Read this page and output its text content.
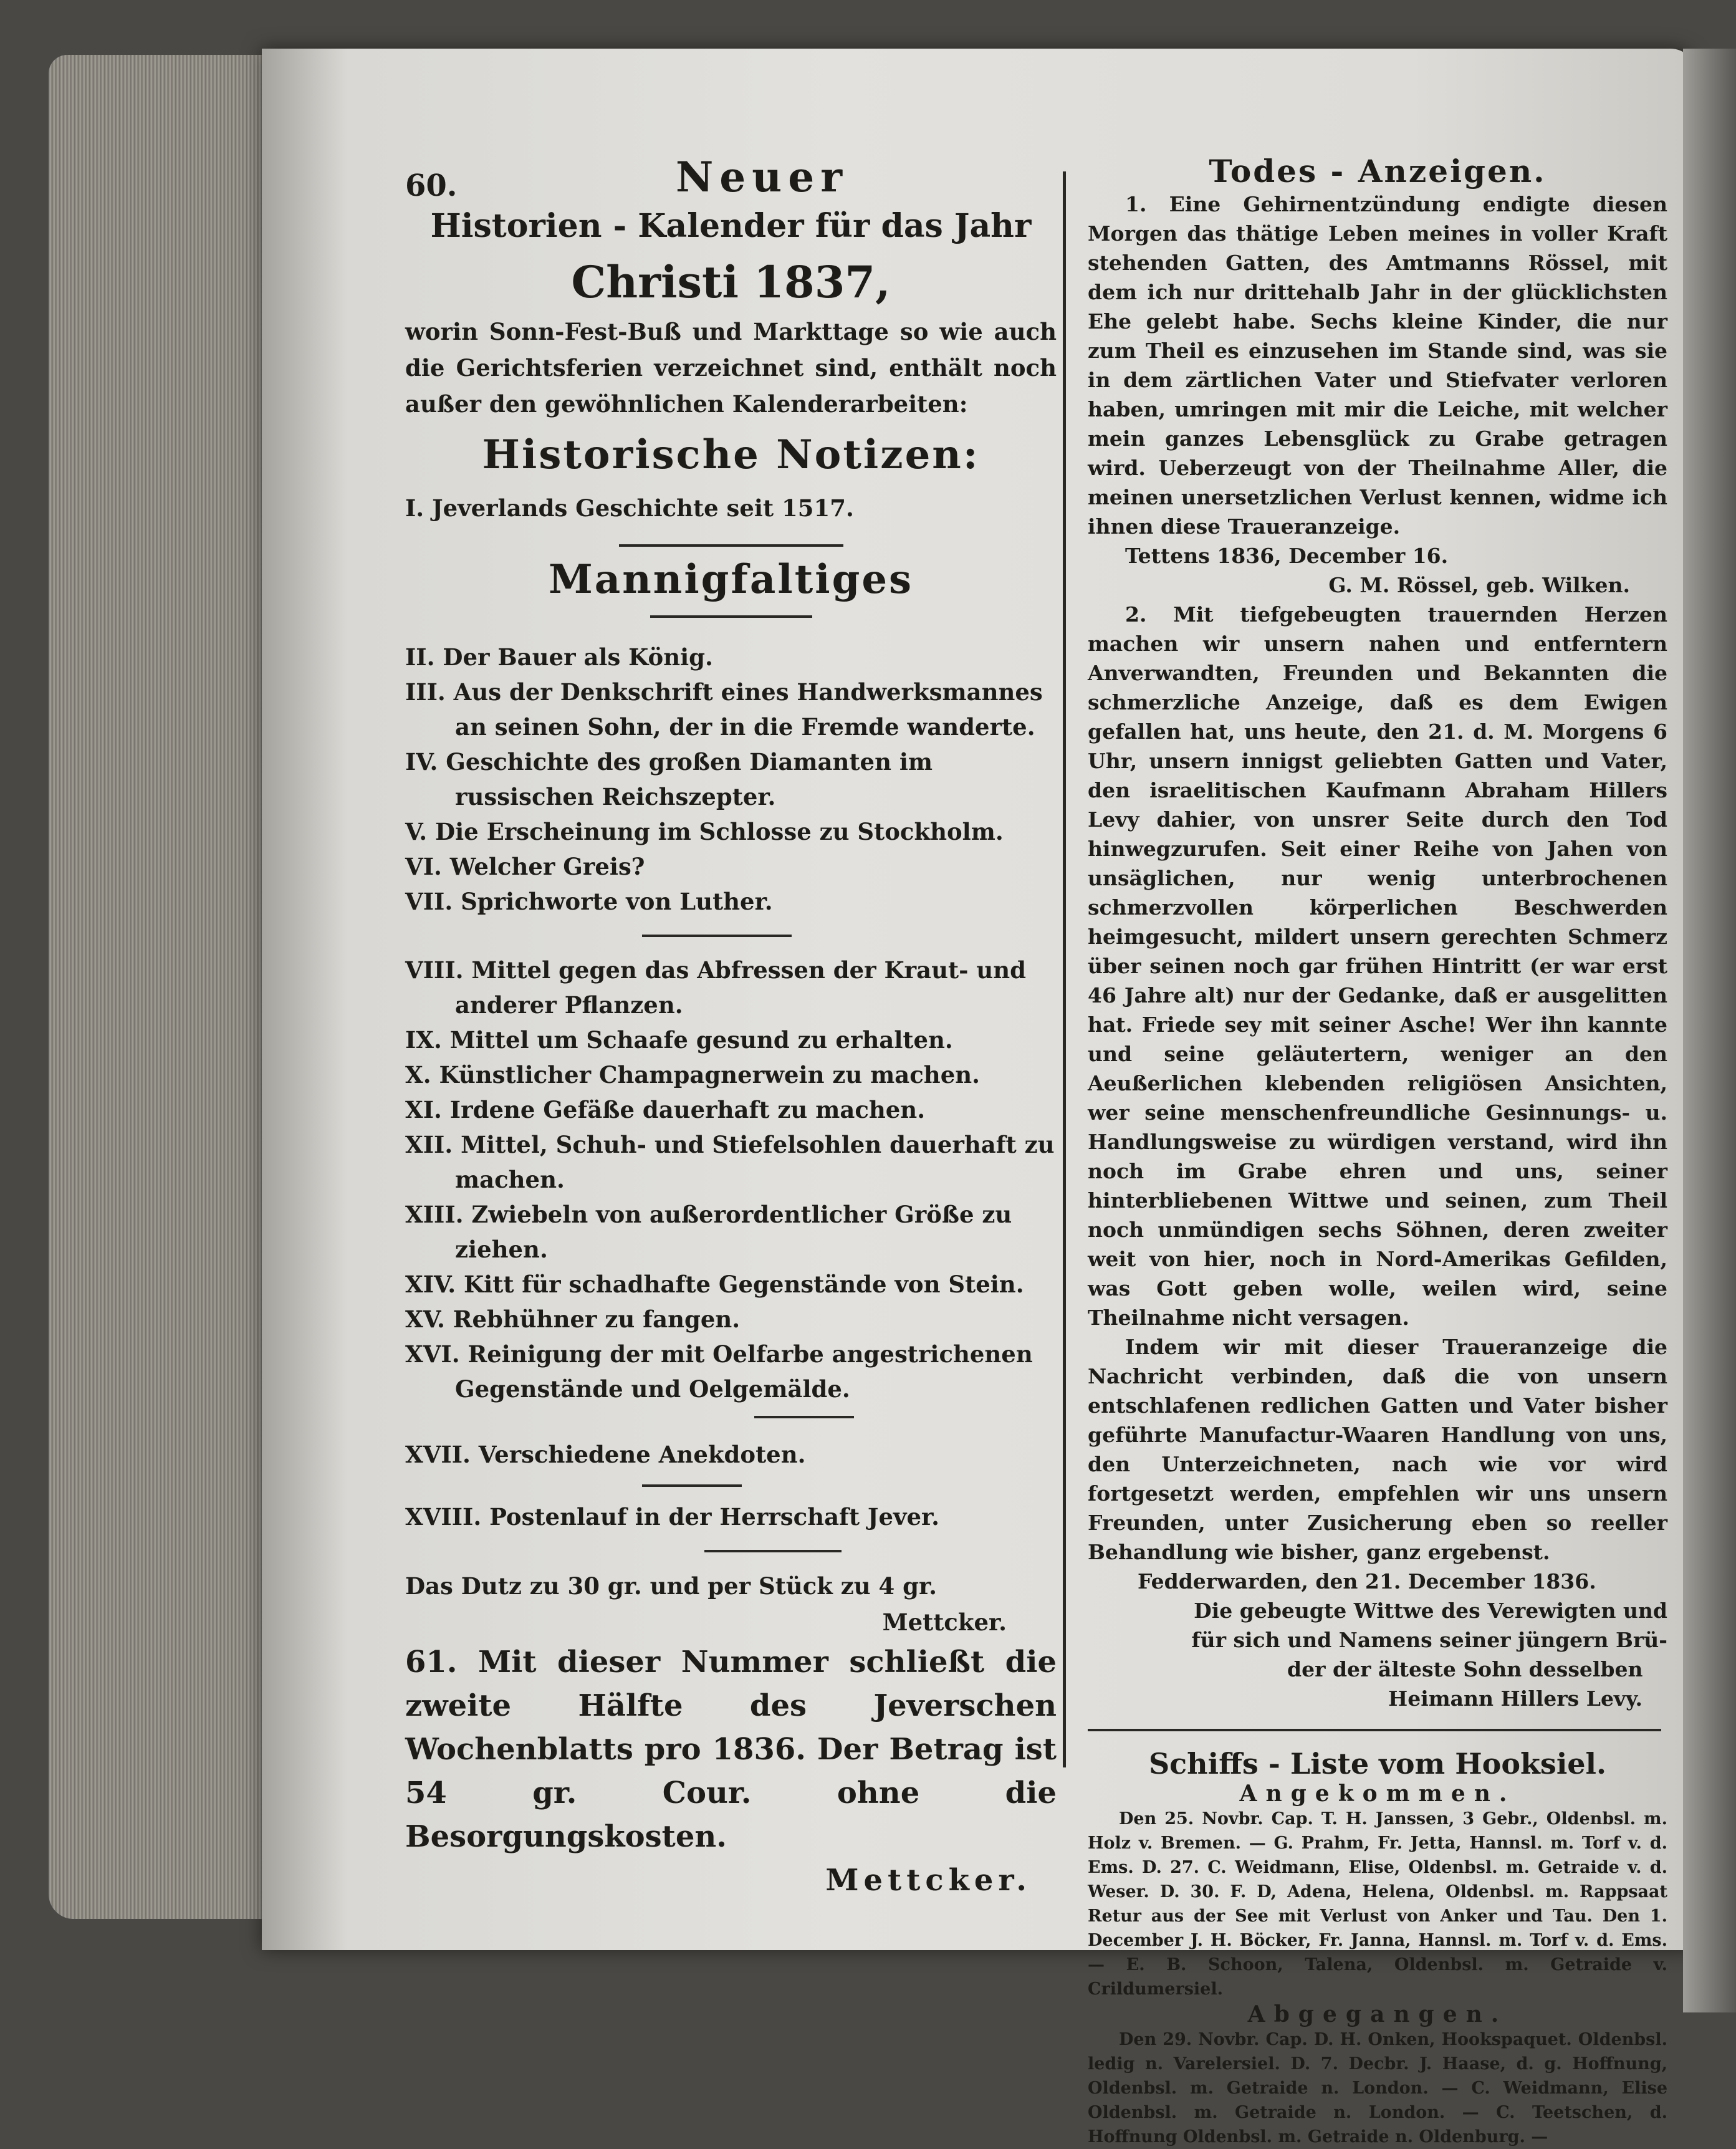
60.	Neuer
Historien - Kalender für das Jahr
Christi 1837,
worin Sonn-Fest-Buß und Markttage so wie auch die Gerichtsferien verzeichnet sind, enthält noch außer den gewöhnlichen Kalenderarbeiten:
Historische Notizen:
I. Jeverlands Geschichte seit 1517.
Mannigfaltiges
II. Der Bauer als König.
III. Aus der Denkschrift eines Handwerksmannes an seinen Sohn, der in die Fremde wanderte.
IV. Geschichte des großen Diamanten im russischen Reichszepter.
V. Die Erscheinung im Schlosse zu Stockholm.
VI. Welcher Greis?
VII. Sprichworte von Luther.
VIII. Mittel gegen das Abfressen der Kraut- und anderer Pflanzen.
IX. Mittel um Schaafe gesund zu erhalten.
X. Künstlicher Champagnerwein zu machen.
XI. Irdene Gefäße dauerhaft zu machen.
XII. Mittel, Schuh- und Stiefelsohlen dauerhaft zu machen.
XIII. Zwiebeln von außerordentlicher Größe zu ziehen.
XIV. Kitt für schadhafte Gegenstände von Stein.
XV. Rebhühner zu fangen.
XVI. Reinigung der mit Oelfarbe angestrichenen Gegenstände und Oelgemälde.
XVII. Verschiedene Anekdoten.
XVIII. Postenlauf in der Herrschaft Jever.
Das Dutz zu 30 gr. und per Stück zu 4 gr.
Mettcker.
61. Mit dieser Nummer schließt die zweite Hälfte des Jeverschen Wochenblatts pro 1836. Der Betrag ist 54 gr. Cour. ohne die Besorgungskosten.
Mettcker.
Todes - Anzeigen.
1. Eine Gehirnentzündung endigte diesen Morgen das thätige Leben meines in voller Kraft stehenden Gatten, des Amtmanns Rössel, mit dem ich nur drittehalb Jahr in der glücklichsten Ehe gelebt habe. Sechs kleine Kinder, die nur zum Theil es einzusehen im Stande sind, was sie in dem zärtlichen Vater und Stiefvater verloren haben, umringen mit mir die Leiche, mit welcher mein ganzes Lebensglück zu Grabe getragen wird. Ueberzeugt von der Theilnahme Aller, die meinen unersetzlichen Verlust kennen, widme ich ihnen diese Traueranzeige.
Tettens 1836, December 16.
G. M. Rössel, geb. Wilken.
2. Mit tiefgebeugten trauernden Herzen machen wir unsern nahen und entferntern Anverwandten, Freunden und Bekannten die schmerzliche Anzeige, daß es dem Ewigen gefallen hat, uns heute, den 21. d. M. Morgens 6 Uhr, unsern innigst geliebten Gatten und Vater, den israelitischen Kaufmann Abraham Hillers Levy dahier, von unsrer Seite durch den Tod hinwegzurufen. Seit einer Reihe von Jahen von unsäglichen, nur wenig unterbrochenen schmerzvollen körperlichen Beschwerden heimgesucht, mildert unsern gerechten Schmerz über seinen noch gar frühen Hintritt (er war erst 46 Jahre alt) nur der Gedanke, daß er ausgelitten hat. Friede sey mit seiner Asche! Wer ihn kannte und seine geläutertern, weniger an den Aeußerlichen klebenden religiösen Ansichten, wer seine menschenfreundliche Gesinnungs- u. Handlungsweise zu würdigen verstand, wird ihn noch im Grabe ehren und uns, seiner hinterbliebenen Wittwe und seinen, zum Theil noch unmündigen sechs Söhnen, deren zweiter weit von hier, noch in Nord-Amerikas Gefilden, was Gott geben wolle, weilen wird, seine Theilnahme nicht versagen.
Indem wir mit dieser Traueranzeige die Nachricht verbinden, daß die von unsern entschlafenen redlichen Gatten und Vater bisher geführte Manufactur-Waaren Handlung von uns, den Unterzeichneten, nach wie vor wird fortgesetzt werden, empfehlen wir uns unsern Freunden, unter Zusicherung eben so reeller Behandlung wie bisher, ganz ergebenst.
Fedderwarden, den 21. December 1836.
Die gebeugte Wittwe des Verewigten und
für sich und Namens seiner jüngern Brü-
der der älteste Sohn desselben
Heimann Hillers Levy.
Schiffs - Liste vom Hooksiel.
Angekommen.
Den 25. Novbr. Cap. T. H. Janssen, 3 Gebr., Oldenbsl. m. Holz v. Bremen. — G. Prahm, Fr. Jetta, Hannsl. m. Torf v. d. Ems. D. 27. C. Weidmann, Elise, Oldenbsl. m. Getraide v. d. Weser. D. 30. F. D, Adena, Helena, Oldenbsl. m. Rappsaat Retur aus der See mit Verlust von Anker und Tau. Den 1. December J. H. Böcker, Fr. Janna, Hannsl. m. Torf v. d. Ems. — E. B. Schoon, Talena, Oldenbsl. m. Getraide v. Crildumersiel.
Abgegangen.
Den 29. Novbr. Cap. D. H. Onken, Hookspaquet. Oldenbsl. ledig n. Varelersiel. D. 7. Decbr. J. Haase, d. g. Hoffnung, Oldenbsl. m. Getraide n. London. — C. Weidmann, Elise Oldenbsl. m. Getraide n. London. — C. Teetschen, d. Hoffnung Oldenbsl. m. Getraide n. Oldenburg. —
